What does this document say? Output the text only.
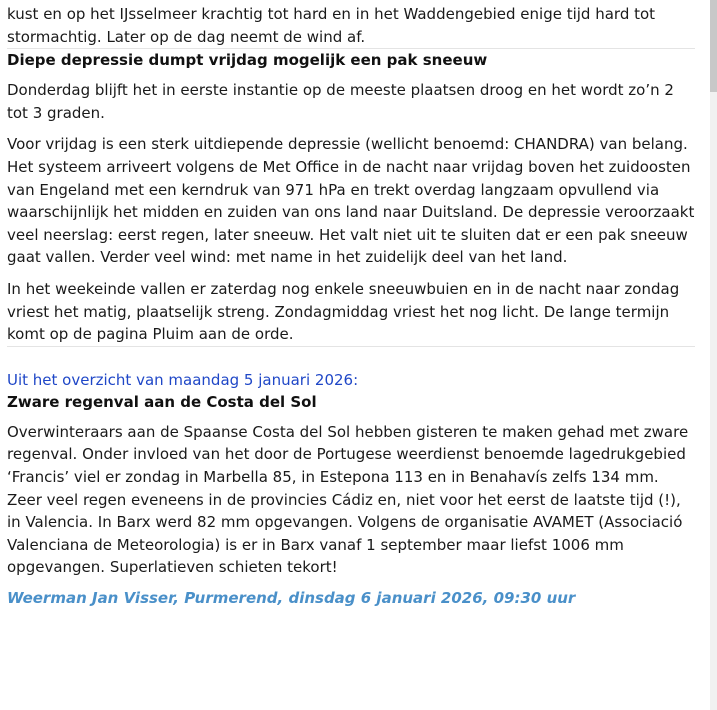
kust en op het IJsselmeer krachtig tot hard en in het Waddengebied enige tijd hard tot stormachtig. Later op de dag neemt de wind af.

Diepe depressie dumpt vrijdag mogelijk een pak sneeuw

Donderdag blijft het in eerste instantie op de meeste plaatsen droog en het wordt zo’n 2 tot 3 graden.

Voor vrijdag is een sterk uitdiepende depressie (wellicht benoemd: CHANDRA) van belang. Het systeem arriveert volgens de Met Office in de nacht naar vrijdag boven het zuidoosten van Engeland met een kerndruk van 971 hPa en trekt overdag langzaam opvullend via waarschijnlijk het midden en zuiden van ons land naar Duitsland. De depressie veroorzaakt veel neerslag: eerst regen, later sneeuw. Het valt niet uit te sluiten dat er een pak sneeuw gaat vallen. Verder veel wind: met name in het zuidelijk deel van het land.

In het weekeinde vallen er zaterdag nog enkele sneeuwbuien en in de nacht naar zondag vriest het matig, plaatselijk streng. Zondagmiddag vriest het nog licht. De lange termijn komt op de pagina Pluim aan de orde.

Uit het overzicht van maandag 5 januari 2026:
Zware regenval aan de Costa del Sol

Overwinteraars aan de Spaanse Costa del Sol hebben gisteren te maken gehad met zware regenval. Onder invloed van het door de Portugese weerdienst benoemde lagedrukgebied ‘Francis’ viel er zondag in Marbella 85, in Estepona 113 en in Benahavís zelfs 134 mm. Zeer veel regen eveneens in de provincies Cádiz en, niet voor het eerst de laatste tijd (!), in Valencia. In Barx werd 82 mm opgevangen. Volgens de organisatie AVAMET (Associació Valenciana de Meteorologia) is er in Barx vanaf 1 september maar liefst 1006 mm opgevangen. Superlatieven schieten tekort!

Weerman Jan Visser, Purmerend, dinsdag 6 januari 2026, 09:30 uur
